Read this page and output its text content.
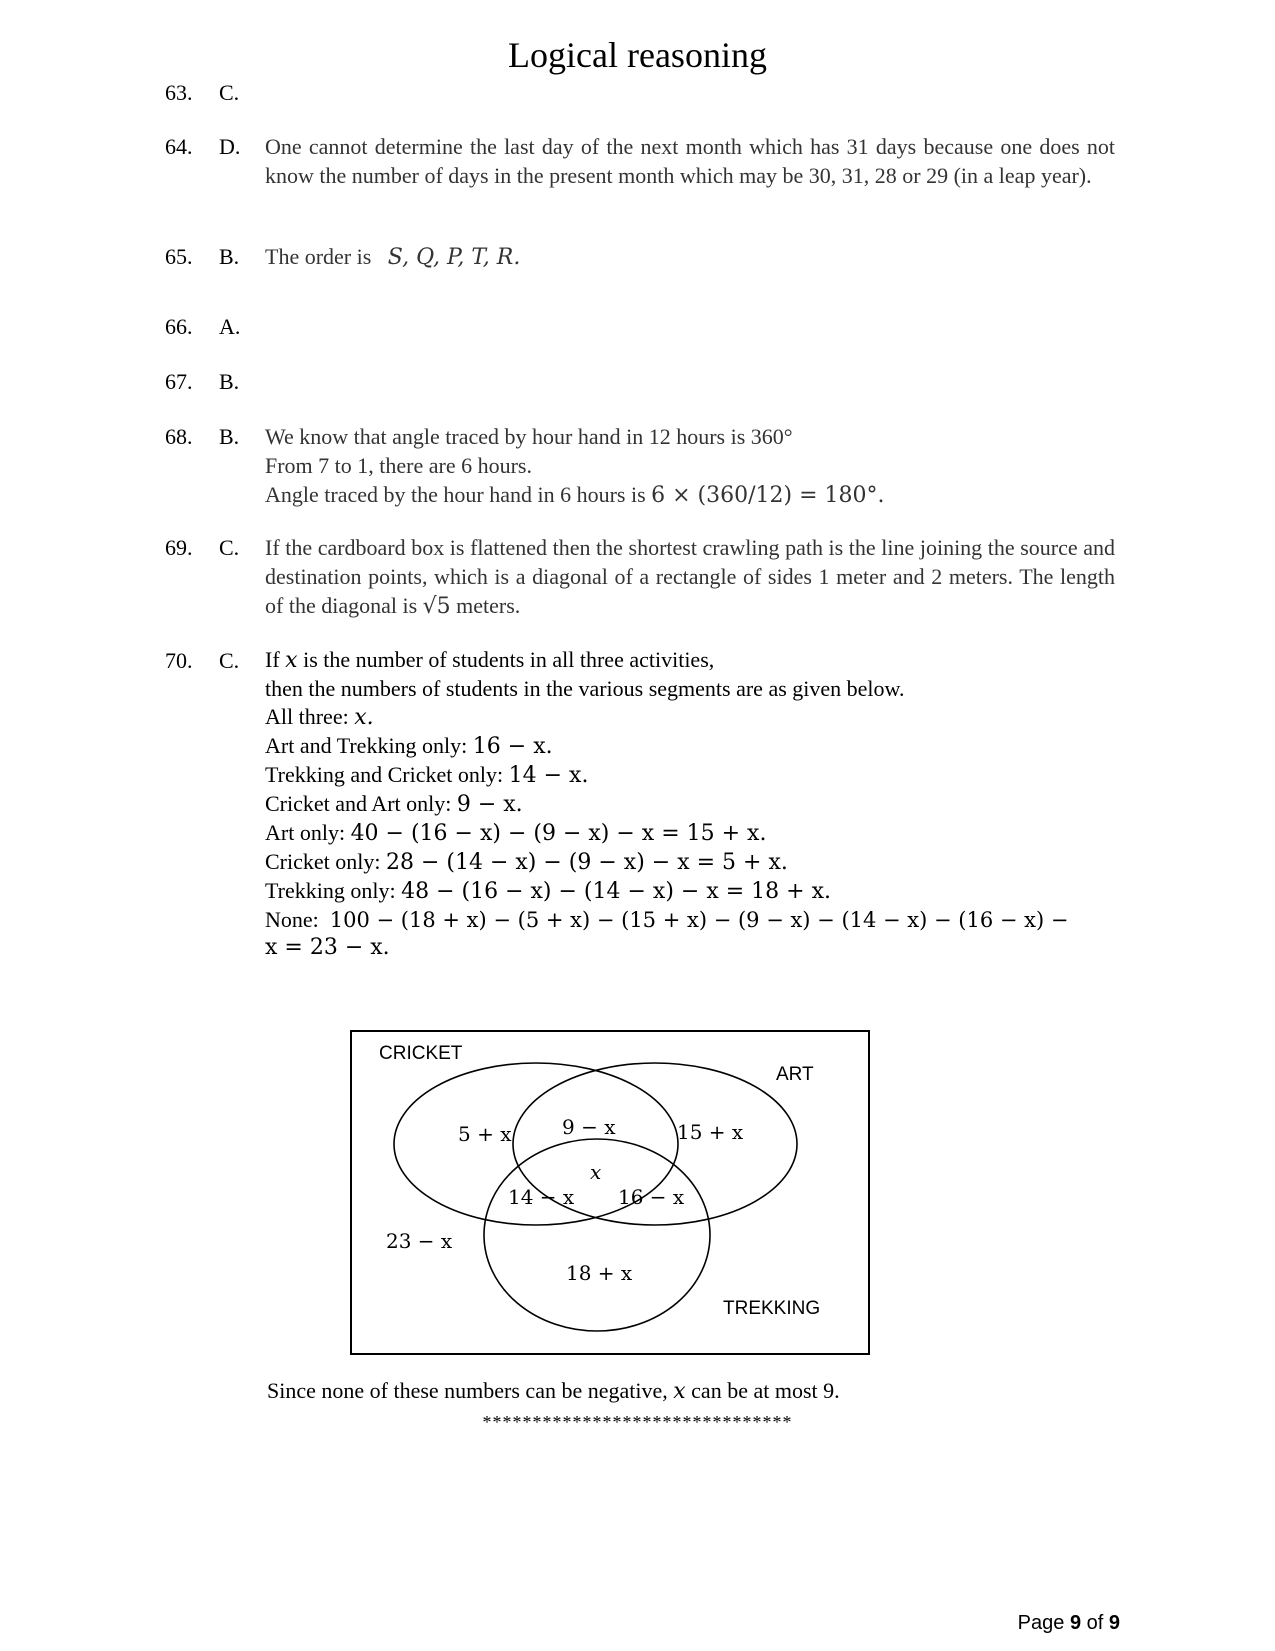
Logical reasoning
63. C.

64. D. One cannot determine the last day of the next month which has 31 days because one does not know the number of days in the present month which may be 30, 31, 28 or 29 (in a leap year).
65. B. The order is S, Q, P, T, R.
66. A.

67. B.

68. B. We know that angle traced by hour hand in 12 hours is 360°
From 7 to 1, there are 6 hours.
Angle traced by the hour hand in 6 hours is 6 × (360/12) = 180°.
69. C. If the cardboard box is flattened then the shortest crawling path is the line joining the source and destination points, which is a diagonal of a rectangle of sides 1 meter and 2 meters. The length of the diagonal is √5 meters.
70. C. If x is the number of students in all three activities,
then the numbers of students in the various segments are as given below.
All three: x.
Art and Trekking only: 16 − x.
Trekking and Cricket only: 14 − x.
Cricket and Art only: 9 − x.
Art only: 40 − (16 − x) − (9 − x) − x = 15 + x.
Cricket only: 28 − (14 − x) − (9 − x) − x = 5 + x.
Trekking only: 48 − (16 − x) − (14 − x) − x = 18 + x.
None: 100 − (18 + x) − (5 + x) − (15 + x) − (9 − x) − (14 − x) − (16 − x) −
x = 23 − x.
CRICKET
ART
TREKKING
5 + x	9 − x	15 + x
x
14 − x 16 − x
23 − x
18 + x
Since none of these numbers can be negative, x can be at most 9.
*******************************
Page 9 of 9
